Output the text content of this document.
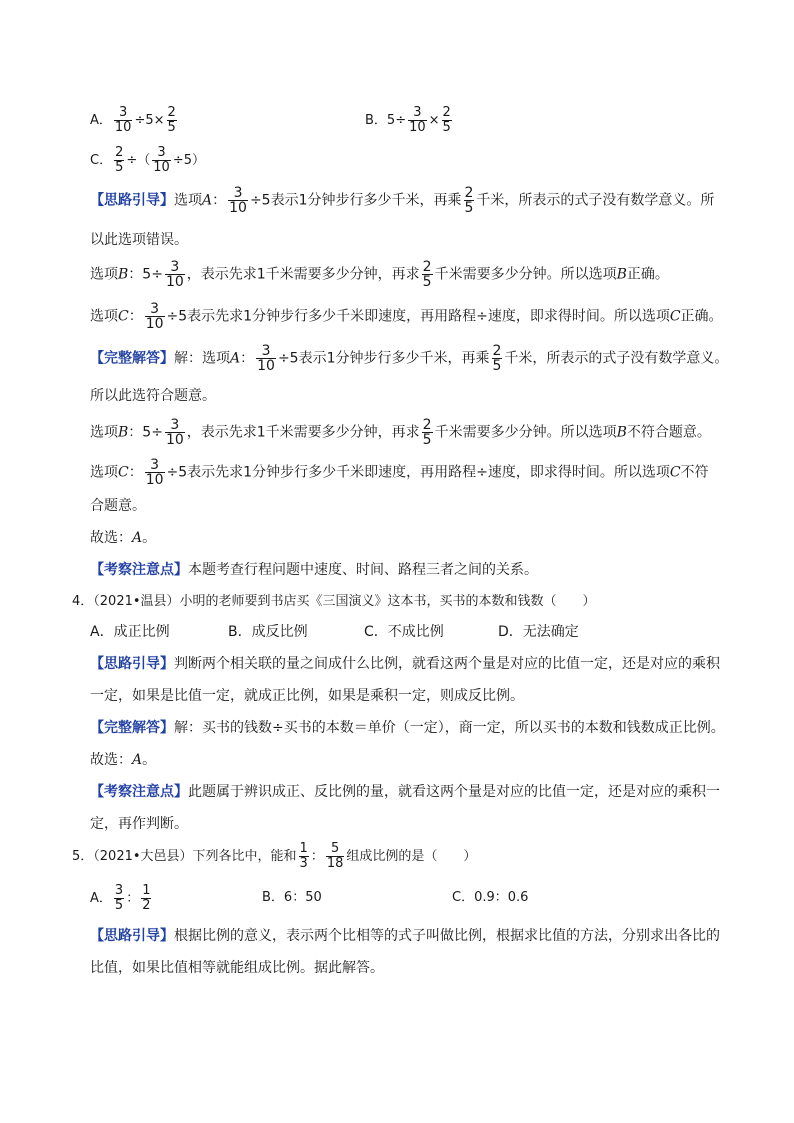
A． $\frac{3}{10} \div 5\times \frac{2}{5}$	B．$5\div \frac{3}{10} \times \frac{2}{5}$
C． $\frac{2}{5}$ ÷（ $\frac{3}{10} \div 5$）
【思路引导】选项A： $\frac{3}{10} \div 5$表示1分钟步行多少千米，再乘 $\frac{2}{5}$ 千米，所表示的式子没有数学意义。所
以此选项错误。
选项B：$5\div \frac{3}{10}$ ，表示先求1千米需要多少分钟，再求 $\frac{2}{5}$ 千米需要多少分钟。所以选项B正确。
选项C： $\frac{3}{10} \div 5$表示先求1分钟步行多少千米即速度，再用路程÷速度，即求得时间。所以选项C正确。
【完整解答】解：选项A： $\frac{3}{10} \div 5$表示1分钟步行多少千米，再乘 $\frac{2}{5}$ 千米，所表示的式子没有数学意义。
所以此选符合题意。
选项B：$5\div \frac{3}{10}$ ，表示先求1千米需要多少分钟，再求 $\frac{2}{5}$ 千米需要多少分钟。所以选项B不符合题意。
选项C： $\frac{3}{10} \div 5$表示先求1分钟步行多少千米即速度，再用路程÷速度，即求得时间。所以选项C不符
合题意。
故选：A。
【考察注意点】本题考查行程问题中速度、时间、路程三者之间的关系。
4．（2021•温县）小明的老师要到书店买《三国演义》这本书，买书的本数和钱数（　　）
A．成正比例	B．成反比例	C．不成比例	D．无法确定
【思路引导】判断两个相关联的量之间成什么比例，就看这两个量是对应的比值一定，还是对应的乘积
一定，如果是比值一定，就成正比例，如果是乘积一定，则成反比例。
【完整解答】解：买书的钱数÷买书的本数＝单价（一定），商一定，所以买书的本数和钱数成正比例。
故选：A。
【考察注意点】此题属于辨识成正、反比例的量，就看这两个量是对应的比值一定，还是对应的乘积一
定，再作判断。
5．（2021•大邑县）下列各比中，能和 $\frac{1}{3}$ ： $\frac{5}{18}$ 组成比例的是（　　）
A． $\frac{3}{5}$ ： $\frac{1}{2}$	B．6：50	C．0.9：0.6
【思路引导】根据比例的意义，表示两个比相等的式子叫做比例，根据求比值的方法，分别求出各比的
比值，如果比值相等就能组成比例。据此解答。
